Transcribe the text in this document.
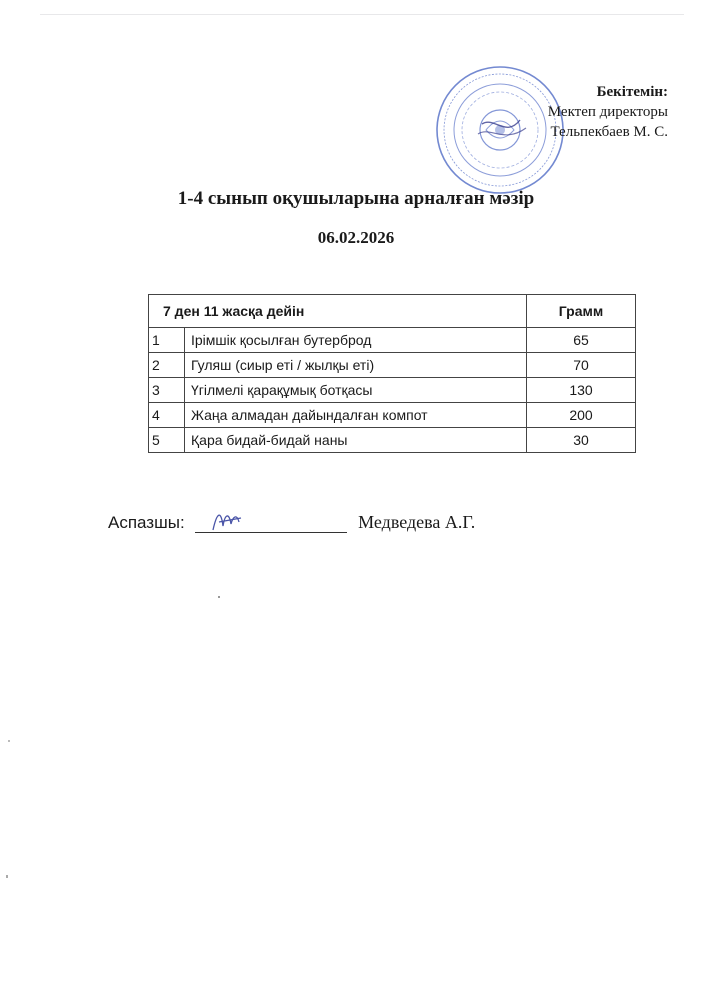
Бекітемін:
Мектеп директоры
Тельпекбаев М. С.
1-4 сынып оқушыларына арналған мәзір
06.02.2026
7 ден 11 жасқа дейін		Грамм
1	Ірімшік қосылған бутерброд	65
2	Гуляш (сиыр еті / жылқы еті)	70
3	Үгілмелі қарақұмық ботқасы	130
4	Жаңа алмадан дайындалған компот	200
5	Қара бидай-бидай наны	30
Аспазшы:	Медведева А.Г.
